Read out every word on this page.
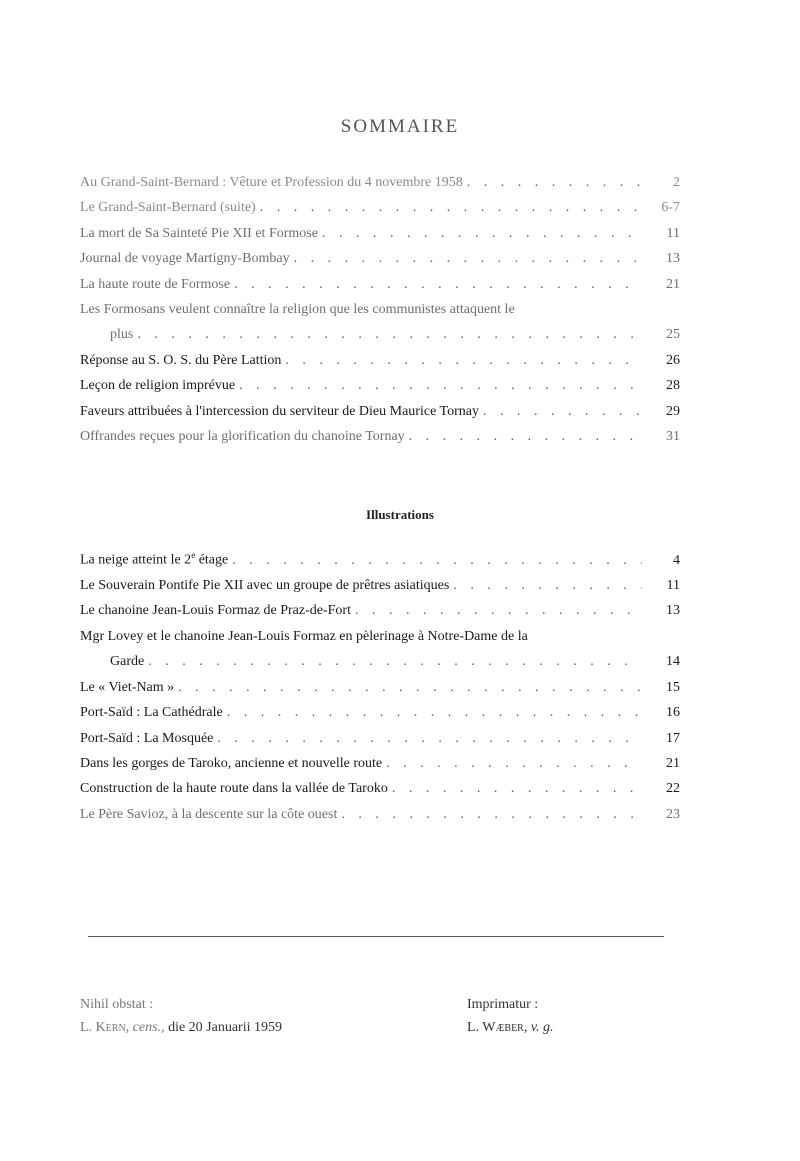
SOMMAIRE
Au Grand-Saint-Bernard : Vêture et Profession du 4 novembre 1958 . . .	2
Le Grand-Saint-Bernard (suite) . . .	6-7
La mort de Sa Sainteté Pie XII et Formose . . .	11
Journal de voyage Martigny-Bombay . . .	13
La haute route de Formose . . .	21
Les Formosans veulent connaître la religion que les communistes attaquent le
plus . . .	25
Réponse au S. O. S. du Père Lattion . . .	26
Leçon de religion imprévue . . .	28
Faveurs attribuées à l'intercession du serviteur de Dieu Maurice Tornay . . .	29
Offrandes reçues pour la glorification du chanoine Tornay . . .	31
Illustrations
La neige atteint le 2e étage . . .	4
Le Souverain Pontife Pie XII avec un groupe de prêtres asiatiques . . .	11
Le chanoine Jean-Louis Formaz de Praz-de-Fort . . .	13
Mgr Lovey et le chanoine Jean-Louis Formaz en pèlerinage à Notre-Dame de la
Garde . . .	14
Le « Viet-Nam » . . .	15
Port-Saïd : La Cathédrale . . .	16
Port-Saïd : La Mosquée . . .	17
Dans les gorges de Taroko, ancienne et nouvelle route . . .	21
Construction de la haute route dans la vallée de Taroko . . .	22
Le Père Savioz, à la descente sur la côte ouest . . .	23
Nihil obstat :
L. Kern, cens., die 20 Januarii 1959
Imprimatur :
L. Wæber, v. g.
